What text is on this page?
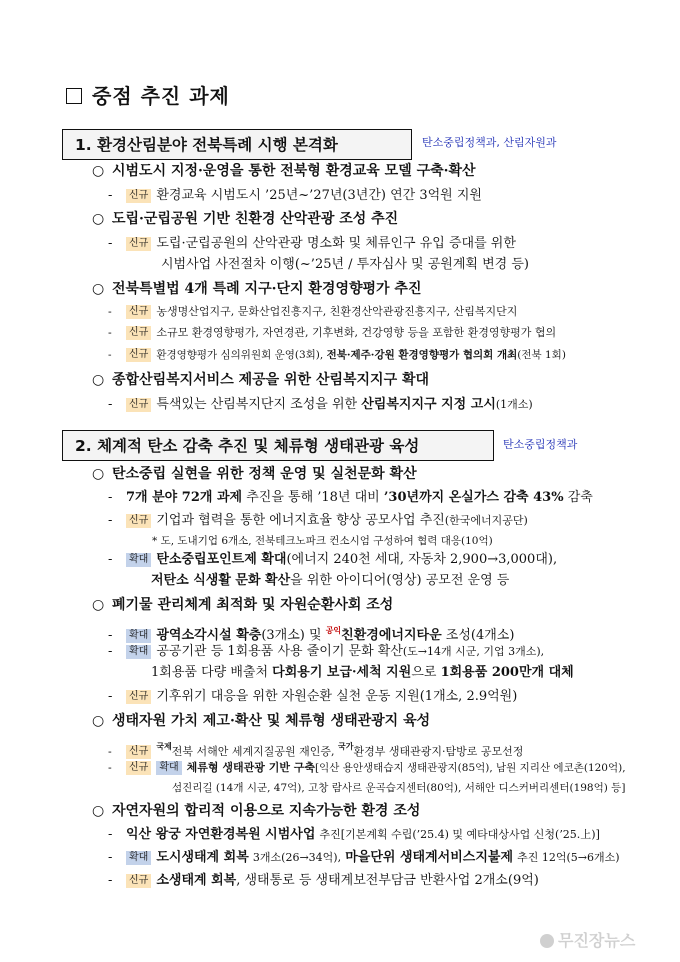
중점 추진 과제
1. 환경산림분야 전북특례 시행 본격화	탄소중립정책과, 산림자원과
○ 시범도시 지정·운영을 통한 전북형 환경교육 모델 구축·확산
- 신규 환경교육 시범도시 ’25년~’27년(3년간) 연간 3억원 지원
○ 도립·군립공원 기반 친환경 산악관광 조성 추진
- 신규 도립·군립공원의 산악관광 명소화 및 체류인구 유입 증대를 위한
시범사업 사전절차 이행(~’25년 / 투자심사 및 공원계획 변경 등)
○ 전북특별법 4개 특례 지구·단지 환경영향평가 추진
- 신규 농생명산업지구, 문화산업진흥지구, 친환경산악관광진흥지구, 산림복지단지
- 신규 소규모 환경영향평가, 자연경관, 기후변화, 건강영향 등을 포함한 환경영향평가 협의
- 신규 환경영향평가 심의위원회 운영(3회), 전북·제주·강원 환경영향평가 협의회 개최(전북 1회)
○ 종합산림복지서비스 제공을 위한 산림복지지구 확대
- 신규 특색있는 산림복지단지 조성을 위한 산림복지지구 지정 고시(1개소)
2. 체계적 탄소 감축 추진 및 체류형 생태관광 육성	탄소중립정책과
○ 탄소중립 실현을 위한 정책 운영 및 실천문화 확산
- 7개 분야 72개 과제 추진을 통해 ’18년 대비 ’30년까지 온실가스 감축 43% 감축
- 신규 기업과 협력을 통한 에너지효율 향상 공모사업 추진(한국에너지공단)
* 도, 도내기업 6개소, 전북테크노파크 컨소시엄 구성하여 협력 대응(10억)
- 확대 탄소중립포인트제 확대(에너지 240천 세대, 자동차 2,900→3,000대),
저탄소 식생활 문화 확산을 위한 아이디어(영상) 공모전 운영 등
○ 폐기물 관리체계 최적화 및 자원순환사회 조성
- 확대 광역소각시설 확충(3개소) 및 $^{공익}$친환경에너지타운 조성(4개소)
- 확대 공공기관 등 1회용품 사용 줄이기 문화 확산(도→14개 시군, 기업 3개소),
1회용품 다량 배출처 다회용기 보급·세척 지원으로 1회용품 200만개 대체
- 신규 기후위기 대응을 위한 자원순환 실천 운동 지원(1개소, 2.9억원)
○ 생태자원 가치 제고·확산 및 체류형 생태관광지 육성
- 신규 $^{국제}$전북 서해안 세계지질공원 재인증, $^{국가}$환경부 생태관광지·탐방로 공모선정
- 신규 확대 체류형 생태관광 기반 구축[익산 용안생태습지 생태관광지(85억), 남원 지리산 에코촌(120억),
섬진리길 (14개 시군, 47억), 고창 람사르 운곡습지센터(80억), 서해안 디스커버리센터(198억) 등]
○ 자연자원의 합리적 이용으로 지속가능한 환경 조성
- 익산 왕궁 자연환경복원 시범사업 추진[기본계획 수립(’25.4) 및 예타대상사업 신청(’25.上)]
- 확대 도시생태계 회복 3개소(26→34억), 마을단위 생태계서비스지불제 추진 12억(5→6개소)
- 신규 소생태계 회복, 생태통로 등 생태계보전부담금 반환사업 2개소(9억)
무진장뉴스
